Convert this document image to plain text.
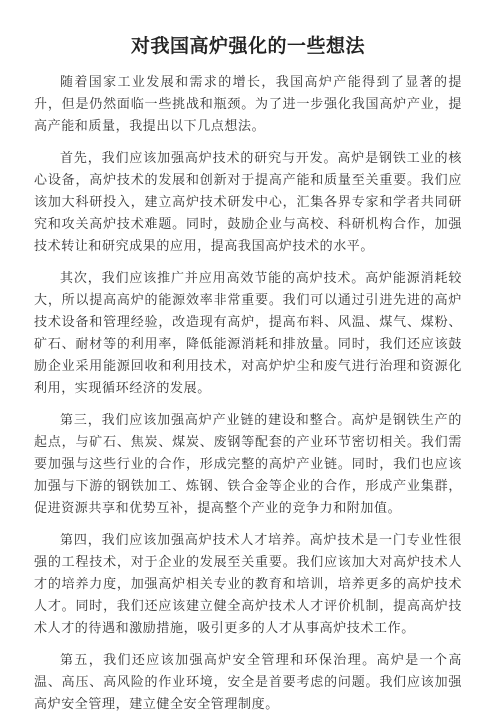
对我国高炉强化的一些想法

随着国家工业发展和需求的增长，我国高炉产能得到了显著的提升，但是仍然面临一些挑战和瓶颈。为了进一步强化我国高炉产业，提高产能和质量，我提出以下几点想法。

首先，我们应该加强高炉技术的研究与开发。高炉是钢铁工业的核心设备，高炉技术的发展和创新对于提高产能和质量至关重要。我们应该加大科研投入，建立高炉技术研发中心，汇集各界专家和学者共同研究和攻关高炉技术难题。同时，鼓励企业与高校、科研机构合作，加强技术转让和研究成果的应用，提高我国高炉技术的水平。

其次，我们应该推广并应用高效节能的高炉技术。高炉能源消耗较大，所以提高高炉的能源效率非常重要。我们可以通过引进先进的高炉技术设备和管理经验，改造现有高炉，提高布料、风温、煤气、煤粉、矿石、耐材等的利用率，降低能源消耗和排放量。同时，我们还应该鼓励企业采用能源回收和利用技术，对高炉炉尘和废气进行治理和资源化利用，实现循环经济的发展。

第三，我们应该加强高炉产业链的建设和整合。高炉是钢铁生产的起点，与矿石、焦炭、煤炭、废钢等配套的产业环节密切相关。我们需要加强与这些行业的合作，形成完整的高炉产业链。同时，我们也应该加强与下游的钢铁加工、炼钢、铁合金等企业的合作，形成产业集群，促进资源共享和优势互补，提高整个产业的竞争力和附加值。

第四，我们应该加强高炉技术人才培养。高炉技术是一门专业性很强的工程技术，对于企业的发展至关重要。我们应该加大对高炉技术人才的培养力度，加强高炉相关专业的教育和培训，培养更多的高炉技术人才。同时，我们还应该建立健全高炉技术人才评价机制，提高高炉技术人才的待遇和激励措施，吸引更多的人才从事高炉技术工作。

第五，我们还应该加强高炉安全管理和环保治理。高炉是一个高温、高压、高风险的作业环境，安全是首要考虑的问题。我们应该加强高炉安全管理，建立健全安全管理制度。
